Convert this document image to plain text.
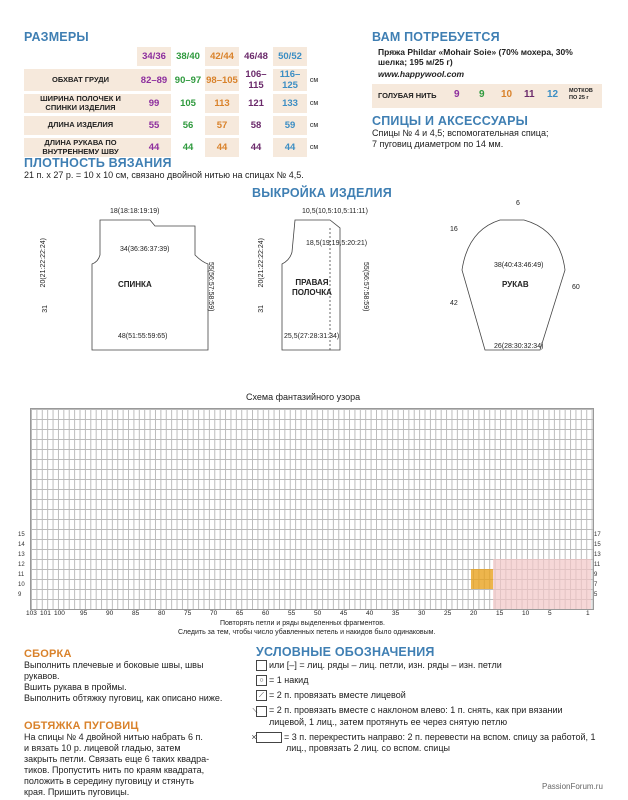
РАЗМЕРЫ
	34/36	38/40	42/44	46/48	50/52	
ОБХВАТ ГРУДИ	82–89	90–97	98–105	106–115	116–125	см
ШИРИНА ПОЛОЧЕК И СПИНКИ ИЗДЕЛИЯ	99	105	113	121	133	см
ДЛИНА ИЗДЕЛИЯ	55	56	57	58	59	см
ДЛИНА РУКАВА ПО ВНУТРЕННЕМУ ШВУ	44	44	44	44	44	см
ВАМ ПОТРЕБУЕТСЯ
Пряжа Phildar «Mohair Soie» (70% мохера, 30% шелка; 195 м/25 г)
www.happywool.com
ГОЛУБАЯ НИТЬ 9 9 10 11 12 МОТКОВ ПО 25 г
СПИЦЫ И АКСЕССУАРЫ
Спицы № 4 и 4,5; вспомогательная спица;
7 пуговиц диаметром по 14 мм.
ПЛОТНОСТЬ ВЯЗАНИЯ
21 п. х 27 р. = 10 х 10 см, связано двойной нитью на спицах № 4,5.
ВЫКРОЙКА ИЗДЕЛИЯ
18(18:18:19:19)
34(36:36:37:39)
СПИНКА
48(51:55:59:65)
20(21:22:22:24)
31	55(56:57:58:59)
10,5(10,5:10,5:11:11)
18,5(19:19,5:20:21)
ПРАВАЯ
ПОЛОЧКА
25,5(27:28:31:34)
20(21:22:22:24)
31	55(56:57:58:59)
6
16
38(40:43:46:49)
РУКАВ
42
60
26(28:30:32:34)
Схема фантазийного узора
15
14
13
12
11
10
9
17
15
13
11
9
7
5
103 101 100 95	90	85	80	75	70	65	60	55	50	45	40	35	30	25	20	15	10	5	1
Повторять петли и ряды выделенных фрагментов.
Следить за тем, чтобы число убавленных петель и накидов было одинаковым.
СБОРКА
Выполнить плечевые и боковые швы, швы рукавов.
Вшить рукава в проймы.
Выполнить обтяжку пуговиц, как описано ниже.
ОБТЯЖКА ПУГОВИЦ
На спицы № 4 двойной нитью набрать 6 п.
и вязать 10 р. лицевой гладью, затем
закрыть петли. Связать еще 6 таких квадра-
тиков. Пропустить нить по краям квадрата,
положить в середину пуговицу и стянуть
края. Пришить пуговицы.
УСЛОВНЫЕ ОБОЗНАЧЕНИЯ
или [–] = лиц. ряды – лиц. петли, изн. ряды – изн. петли
○ = 1 накид
⟋ = 2 п. провязать вместе лицевой
⟍ = 2 п. провязать вместе с наклоном влево: 1 п. снять, как при вязании лицевой, 1 лиц., затем протянуть ее через снятую петлю
⨯	= 3 п. перекрестить направо: 2 п. перевести на вспом. спицу за работой, 1 лиц., провязать 2 лиц. со вспом. спицы
PassionForum.ru
